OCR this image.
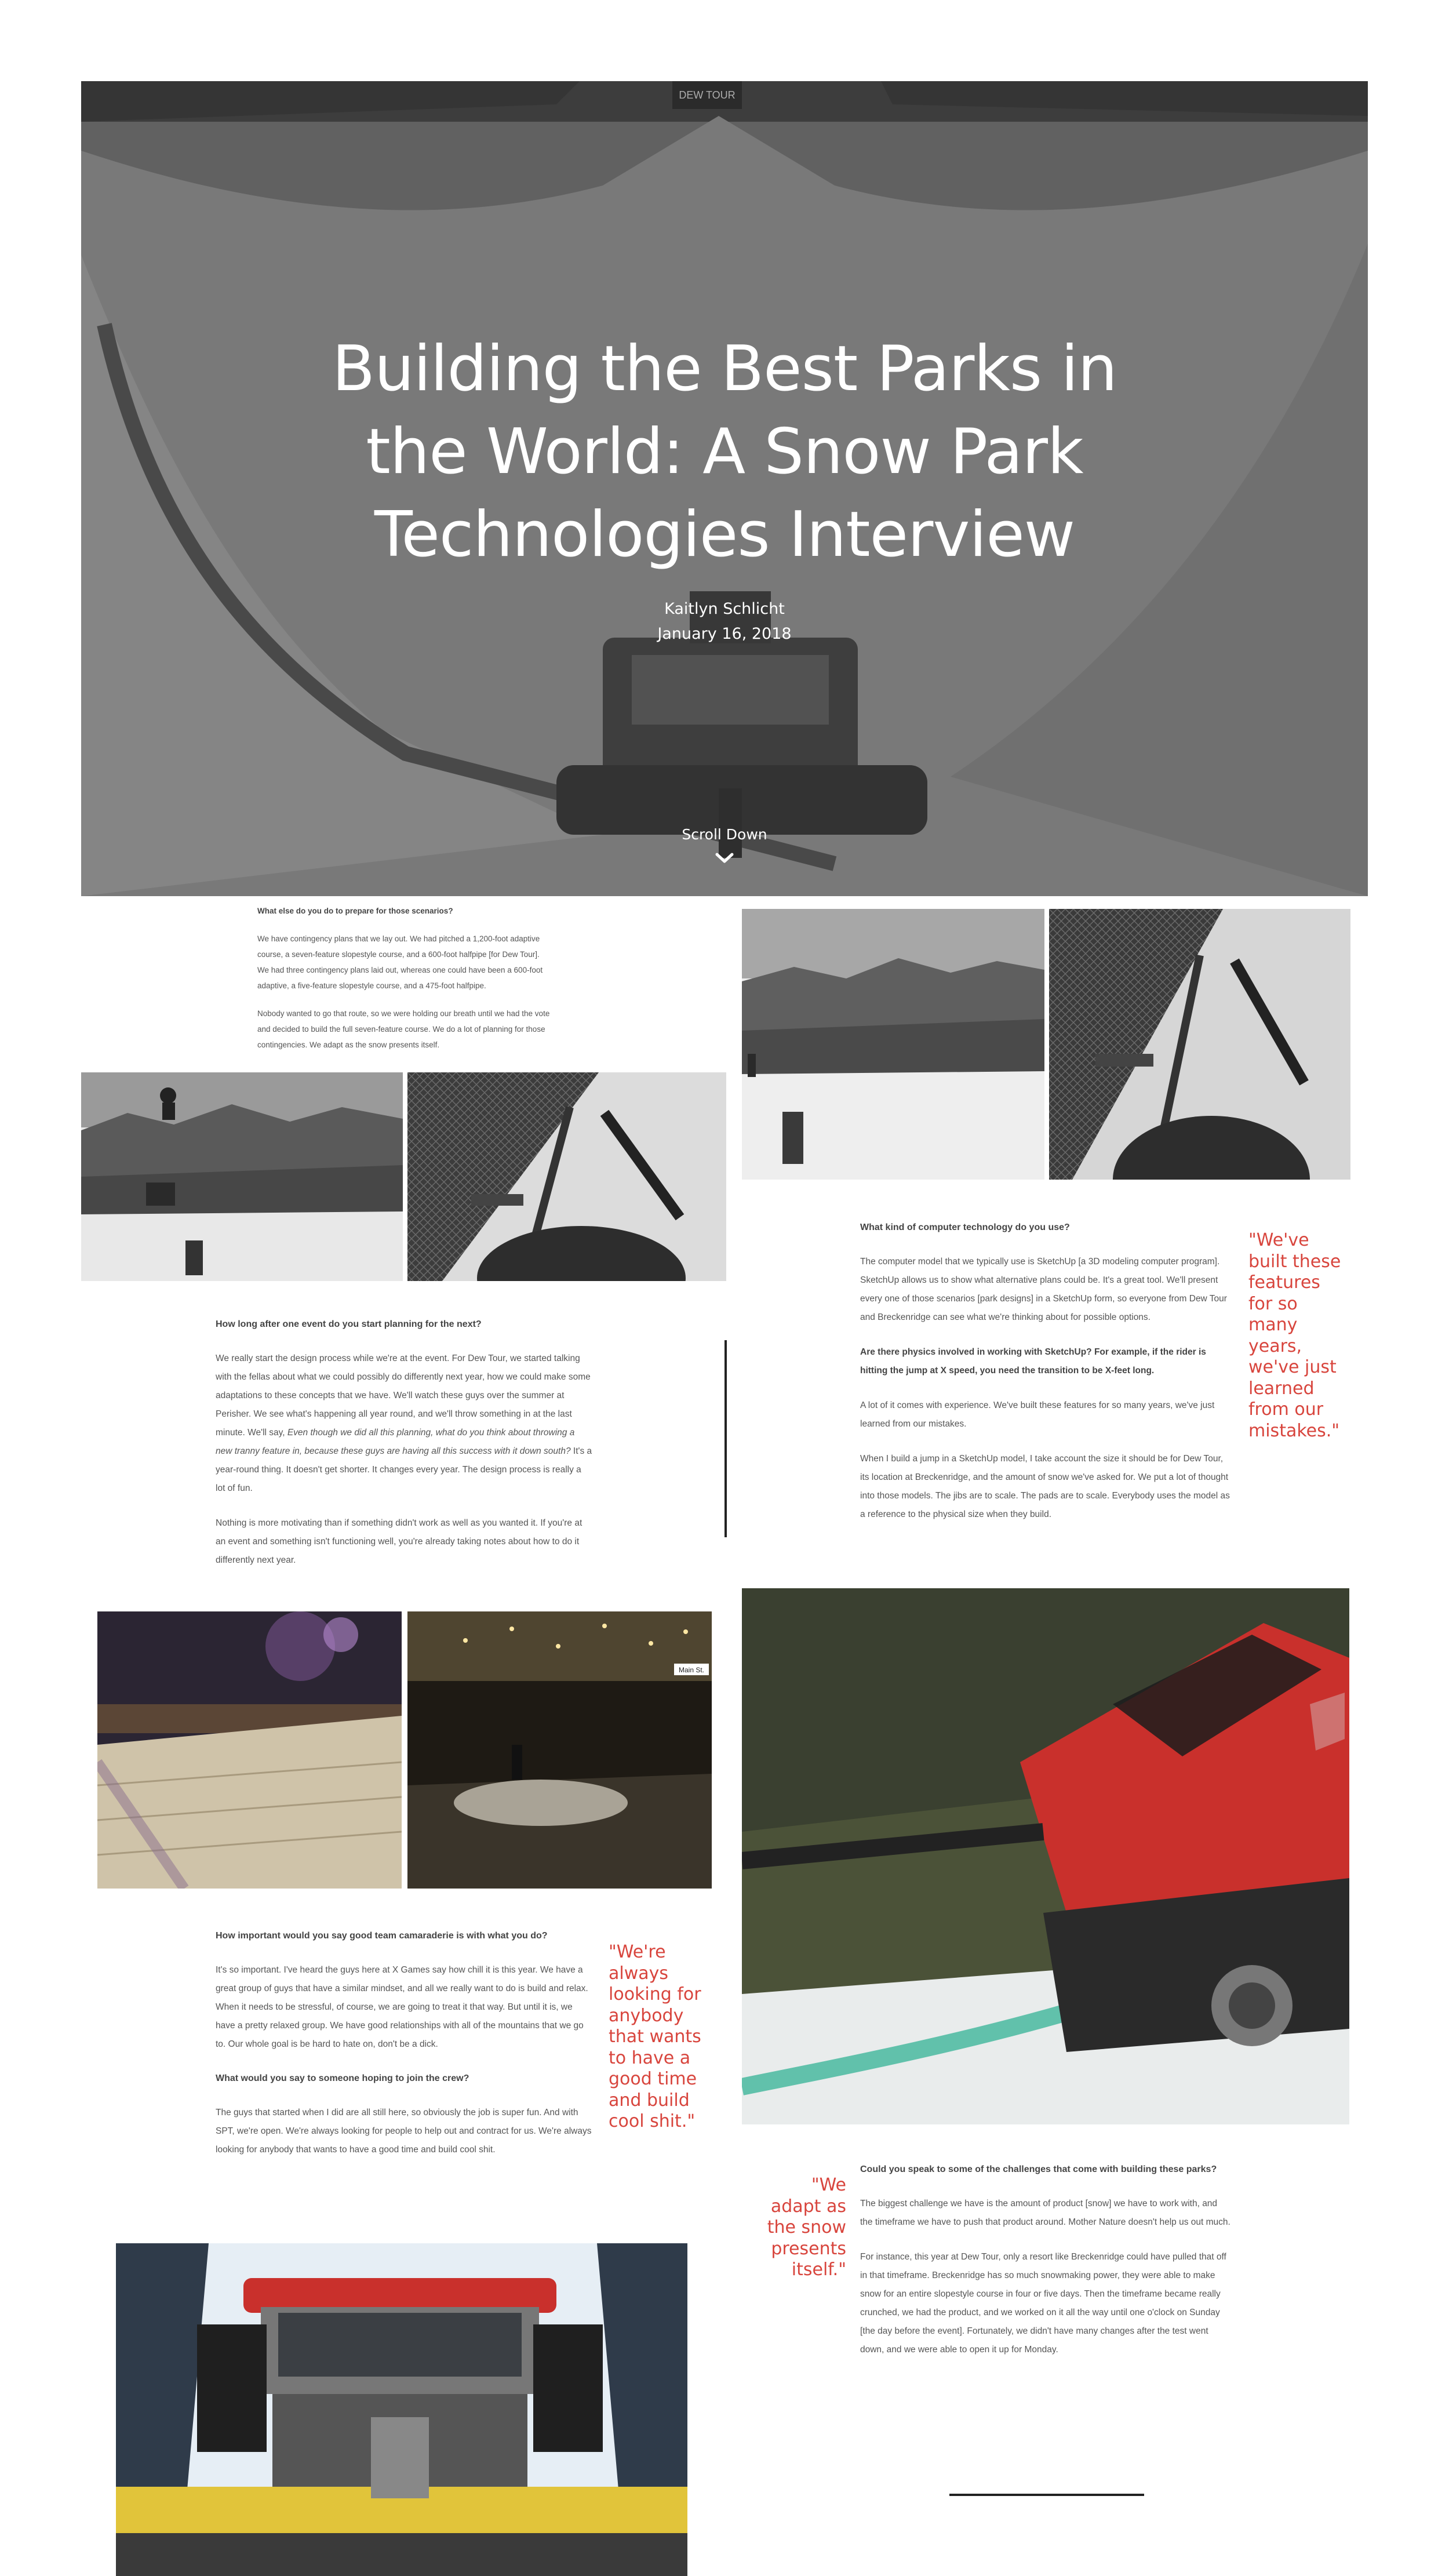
DEW TOUR
Building the Best Parks in the World: A Snow Park Technologies Interview
Kaitlyn Schlicht
January 16, 2018
Scroll Down

What else do you do to prepare for those scenarios?

We have contingency plans that we lay out. We had pitched a 1,200-foot adaptive course, a seven-feature slopestyle course, and a 600-foot halfpipe [for Dew Tour]. We had three contingency plans laid out, whereas one could have been a 600-foot adaptive, a five-feature slopestyle course, and a 475-foot halfpipe.

Nobody wanted to go that route, so we were holding our breath until we had the vote and decided to build the full seven-feature course. We do a lot of planning for those contingencies. We adapt as the snow presents itself.

What kind of computer technology do you use?

The computer model that we typically use is SketchUp [a 3D modeling computer program]. SketchUp allows us to show what alternative plans could be. It's a great tool. We'll present every one of those scenarios [park designs] in a SketchUp form, so everyone from Dew Tour and Breckenridge can see what we're thinking about for possible options.

Are there physics involved in working with SketchUp? For example, if the rider is hitting the jump at X speed, you need the transition to be X-feet long.

A lot of it comes with experience. We've built these features for so many years, we've just learned from our mistakes.

When I build a jump in a SketchUp model, I take account the size it should be for Dew Tour, its location at Breckenridge, and the amount of snow we've asked for. We put a lot of thought into those models. The jibs are to scale. The pads are to scale. Everybody uses the model as a reference to the physical size when they build.

"We've built these features for so many years, we've just learned from our mistakes."

How long after one event do you start planning for the next?

We really start the design process while we're at the event. For Dew Tour, we started talking with the fellas about what we could possibly do differently next year, how we could make some adaptations to these concepts that we have. We'll watch these guys over the summer at Perisher. We see what's happening all year round, and we'll throw something in at the last minute. We'll say, Even though we did all this planning, what do you think about throwing a new tranny feature in, because these guys are having all this success with it down south? It's a year-round thing. It doesn't get shorter. It changes every year. The design process is really a lot of fun.

Nothing is more motivating than if something didn't work as well as you wanted it. If you're at an event and something isn't functioning well, you're already taking notes about how to do it differently next year.

Main St.

How important would you say good team camaraderie is with what you do?

It's so important. I've heard the guys here at X Games say how chill it is this year. We have a great group of guys that have a similar mindset, and all we really want to do is build and relax. When it needs to be stressful, of course, we are going to treat it that way. But until it is, we have a pretty relaxed group. We have good relationships with all of the mountains that we go to. Our whole goal is be hard to hate on, don't be a dick.

What would you say to someone hoping to join the crew?

The guys that started when I did are all still here, so obviously the job is super fun. And with SPT, we're open. We're always looking for people to help out and contract for us. We're always looking for anybody that wants to have a good time and build cool shit.

"We're always looking for anybody that wants to have a good time and build cool shit."

"We adapt as the snow presents itself."

Could you speak to some of the challenges that come with building these parks?

The biggest challenge we have is the amount of product [snow] we have to work with, and the timeframe we have to push that product around. Mother Nature doesn't help us out much.

For instance, this year at Dew Tour, only a resort like Breckenridge could have pulled that off in that timeframe. Breckenridge has so much snowmaking power, they were able to make snow for an entire slopestyle course in four or five days. Then the timeframe became really crunched, we had the product, and we worked on it all the way until one o'clock on Sunday [the day before the event]. Fortunately, we didn't have many changes after the test went down, and we were able to open it up for Monday.
